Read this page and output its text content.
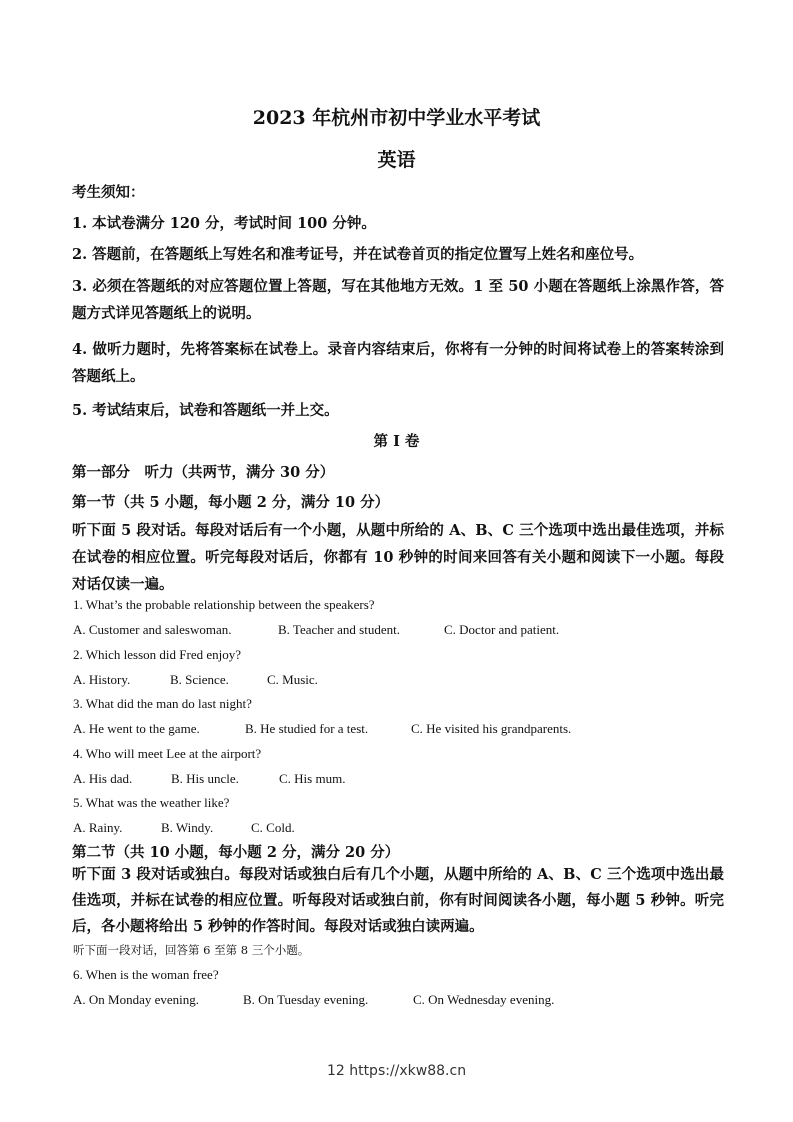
2023 年杭州市初中学业水平考试
英语
考生须知：
1. 本试卷满分 120 分，考试时间 100 分钟。
2. 答题前，在答题纸上写姓名和准考证号，并在试卷首页的指定位置写上姓名和座位号。
3. 必须在答题纸的对应答题位置上答题，写在其他地方无效。1 至 50 小题在答题纸上涂黑作答，答题方式详见答题纸上的说明。
4. 做听力题时，先将答案标在试卷上。录音内容结束后，你将有一分钟的时间将试卷上的答案转涂到答题纸上。
5. 考试结束后，试卷和答题纸一并上交。
第 I 卷
第一部分　听力（共两节，满分 30 分）
第一节（共 5 小题，每小题 2 分，满分 10 分）
听下面 5 段对话。每段对话后有一个小题，从题中所给的 A、B、C 三个选项中选出最佳选项，并标在试卷的相应位置。听完每段对话后，你都有 10 秒钟的时间来回答有关小题和阅读下一小题。每段对话仅读一遍。
1. What’s the probable relationship between the speakers?
A. Customer and saleswoman.	B. Teacher and student.	C. Doctor and patient.
2. Which lesson did Fred enjoy?
A. History.	B. Science.	C. Music.
3. What did the man do last night?
A. He went to the game.	B. He studied for a test.	C. He visited his grandparents.
4. Who will meet Lee at the airport?
A. His dad.	B. His uncle.	C. His mum.
5. What was the weather like?
A. Rainy.	B. Windy.	C. Cold.
第二节（共 10 小题，每小题 2 分，满分 20 分）
听下面 3 段对话或独白。每段对话或独白后有几个小题，从题中所给的 A、B、C 三个选项中选出最佳选项，并标在试卷的相应位置。听每段对话或独白前，你有时间阅读各小题，每小题 5 秒钟。听完后，各小题将给出 5 秒钟的作答时间。每段对话或独白读两遍。
听下面一段对话，回答第 6 至第 8 三个小题。
6. When is the woman free?
A. On Monday evening.	B. On Tuesday evening.	C. On Wednesday evening.
12 https://xkw88.cn
